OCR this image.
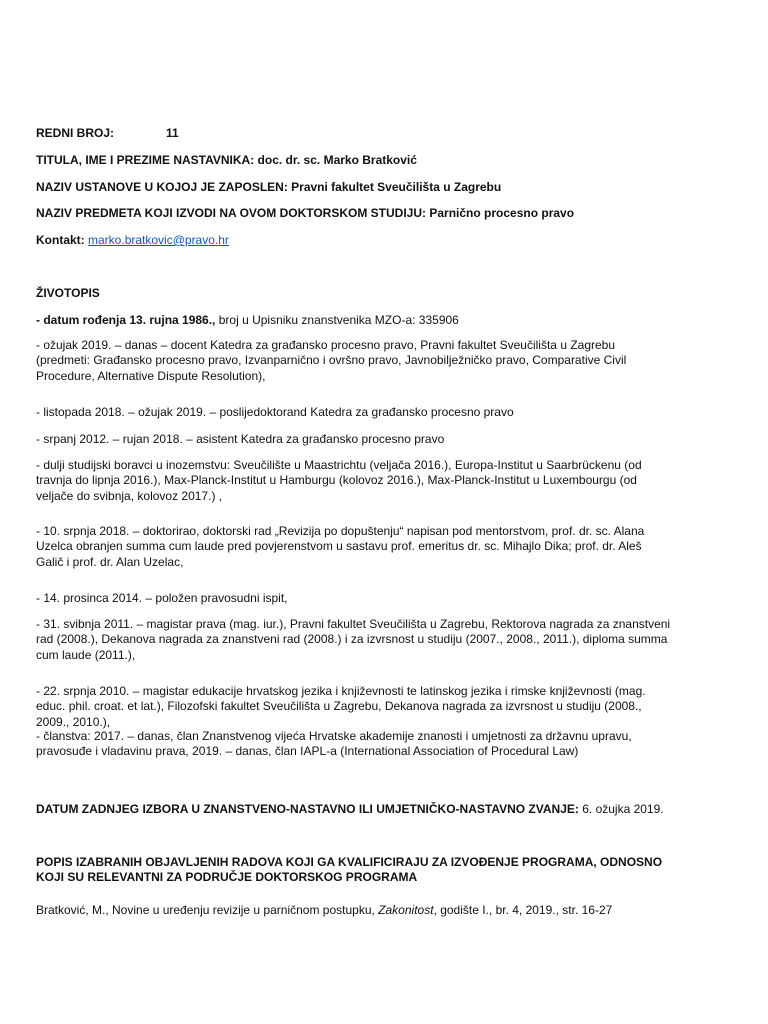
REDNI BROJ:	11

TITULA, IME I PREZIME NASTAVNIKA: doc. dr. sc. Marko Bratković

NAZIV USTANOVE U KOJOJ JE ZAPOSLEN: Pravni fakultet Sveučilišta u Zagrebu

NAZIV PREDMETA KOJI IZVODI NA OVOM DOKTORSKOM STUDIJU: Parnično procesno pravo

Kontakt: marko.bratkovic@pravo.hr

ŽIVOTOPIS

- datum rođenja 13. rujna 1986., broj u Upisniku znanstvenika MZO-a: 335906

- ožujak 2019. – danas – docent Katedra za građansko procesno pravo, Pravni fakultet Sveučilišta u Zagrebu (predmeti: Građansko procesno pravo, Izvanparnično i ovršno pravo, Javnobilježničko pravo, Comparative Civil Procedure, Alternative Dispute Resolution),

- listopada 2018. – ožujak 2019. – poslijedoktorand Katedra za građansko procesno pravo

- srpanj 2012. – rujan 2018. – asistent Katedra za građansko procesno pravo

- dulji studijski boravci u inozemstvu: Sveučilište u Maastrichtu (veljača 2016.), Europa-Institut u Saarbrückenu (od travnja do lipnja 2016.), Max-Planck-Institut u Hamburgu (kolovoz 2016.), Max-Planck-Institut u Luxembourgu (od veljače do svibnja, kolovoz 2017.) ,

- 10. srpnja 2018. – doktorirao, doktorski rad „Revizija po dopuštenju“ napisan pod mentorstvom, prof. dr. sc. Alana Uzelca obranjen summa cum laude pred povjerenstvom u sastavu prof. emeritus dr. sc. Mihajlo Dika; prof. dr. Aleš Galič i prof. dr. Alan Uzelac,

- 14. prosinca 2014. – položen pravosudni ispit,

- 31. svibnja 2011. – magistar prava (mag. iur.), Pravni fakultet Sveučilišta u Zagrebu, Rektorova nagrada za znanstveni rad (2008.), Dekanova nagrada za znanstveni rad (2008.) i za izvrsnost u studiju (2007., 2008., 2011.), diploma summa cum laude (2011.),

- 22. srpnja 2010. – magistar edukacije hrvatskog jezika i književnosti te latinskog jezika i rimske književnosti (mag. educ. phil. croat. et lat.), Filozofski fakultet Sveučilišta u Zagrebu, Dekanova nagrada za izvrsnost u studiju (2008., 2009., 2010.),

- članstva: 2017. – danas, član Znanstvenog vijeća Hrvatske akademije znanosti i umjetnosti za državnu upravu, pravosuđe i vladavinu prava, 2019. – danas, član IAPL-a (International Association of Procedural Law)

DATUM ZADNJEG IZBORA U ZNANSTVENO-NASTAVNO ILI UMJETNIČKO-NASTAVNO ZVANJE: 6. ožujka 2019.

POPIS IZABRANIH OBJAVLJENIH RADOVA KOJI GA KVALIFICIRAJU ZA IZVOĐENJE PROGRAMA, ODNOSNO KOJI SU RELEVANTNI ZA PODRUČJE DOKTORSKOG PROGRAMA

Bratković, M., Novine u uređenju revizije u parničnom postupku, Zakonitost, godište I., br. 4, 2019., str. 16-27
